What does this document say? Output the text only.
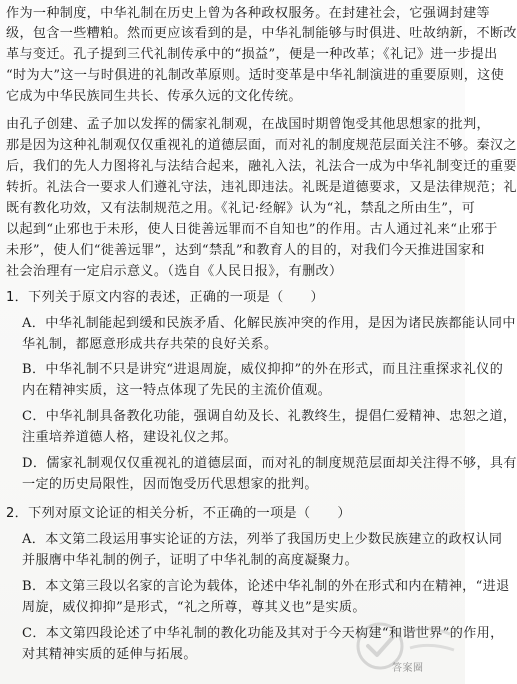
作为一种制度，中华礼制在历史上曾为各种政权服务。在封建社会，它强调封建等
级，包含一些糟粕。然而更应该看到的是，中华礼制能够与时俱进、吐故纳新，不断改
革与变迁。孔子提到三代礼制传承中的“损益”，便是一种改革；《礼记》进一步提出
“时为大”这一与时俱进的礼制改革原则。适时变革是中华礼制演进的重要原则，这使
它成为中华民族同生共长、传承久远的文化传统。
由孔子创建、孟子加以发挥的儒家礼制观，在战国时期曾饱受其他思想家的批判，
那是因为这种礼制观仅仅重视礼的道德层面，而对礼的制度规范层面关注不够。秦汉之
后，我们的先人力图将礼与法结合起来，融礼入法，礼法合一成为中华礼制变迁的重要
转折。礼法合一要求人们遵礼守法，违礼即违法。礼既是道德要求，又是法律规范；礼
既有教化功效，又有法制规范之用。《礼记·经解》认为“礼，禁乱之所由生”，可
以起到“止邪也于未形，使人日徙善远罪而不自知也”的作用。古人通过礼来“止邪于
未形”，使人们“徙善远罪”，达到“禁乱”和教育人的目的，对我们今天推进国家和
社会治理有一定启示意义。（选自《人民日报》，有删改）
1．下列关于原文内容的表述，正确的一项是（　　）
A．中华礼制能起到缓和民族矛盾、化解民族冲突的作用，是因为诸民族都能认同中
华礼制，都愿意形成共存共荣的良好关系。
B．中华礼制不只是讲究“进退周旋，威仪抑抑”的外在形式，而且注重探求礼仪的
内在精神实质，这一特点体现了先民的主流价值观。
C．中华礼制具备教化功能，强调自幼及长、礼教终生，提倡仁爱精神、忠恕之道，
注重培养道德人格，建设礼仪之邦。
D．儒家礼制观仅仅重视礼的道德层面，而对礼的制度规范层面却关注得不够，具有
一定的历史局限性，因而饱受历代思想家的批判。
2．下列对原文论证的相关分析，不正确的一项是（　　）
A．本文第二段运用事实论证的方法，列举了我国历史上少数民族建立的政权认同
并服膺中华礼制的例子，证明了中华礼制的高度凝聚力。
B．本文第三段以名家的言论为载体，论述中华礼制的外在形式和内在精神，“进退
周旋，威仪抑抑”是形式，“礼之所尊，尊其义也”是实质。
C．本文第四段论述了中华礼制的教化功能及其对于今天构建“和谐世界”的作用，
对其精神实质的延伸与拓展。
答案圈
